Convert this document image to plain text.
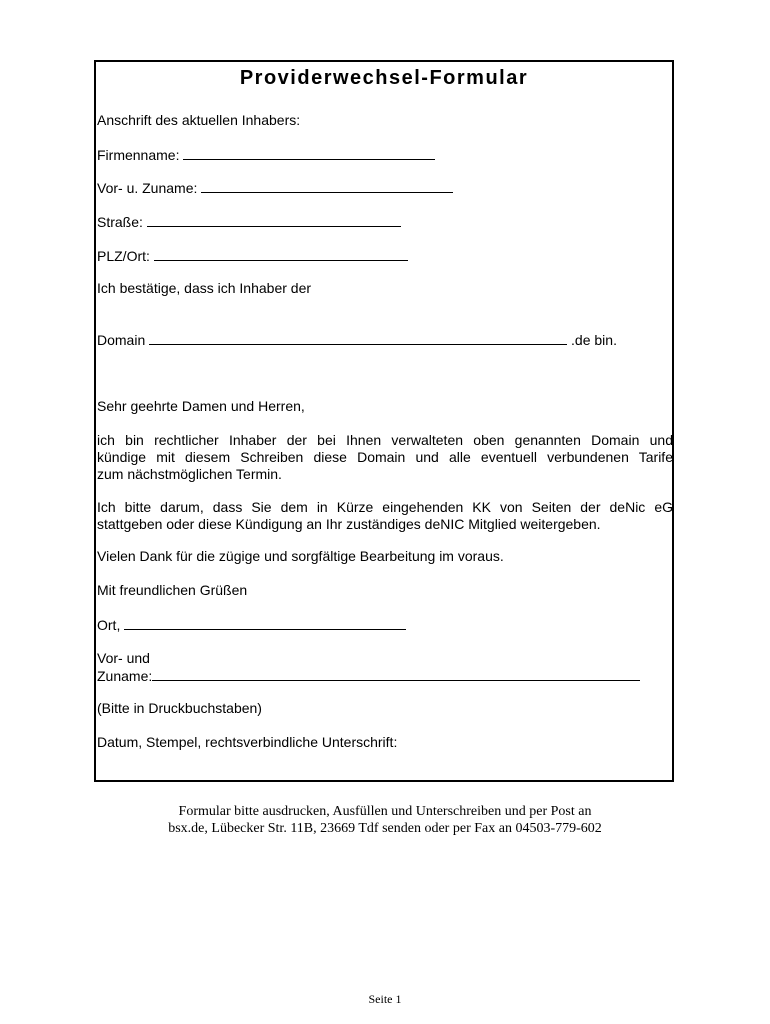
Providerwechsel-Formular
Anschrift des aktuellen Inhabers:
Firmenname:
Vor- u. Zuname:
Straße:
PLZ/Ort:
Ich bestätige, dass ich Inhaber der
Domain	.de bin.
Sehr geehrte Damen und Herren,
ich bin rechtlicher Inhaber der bei Ihnen verwalteten oben genannten Domain und
kündige mit diesem Schreiben diese Domain und alle eventuell verbundenen Tarife
zum nächstmöglichen Termin.
Ich bitte darum, dass Sie dem in Kürze eingehenden KK von Seiten der deNic eG
stattgeben oder diese Kündigung an Ihr zuständiges deNIC Mitglied weitergeben.
Vielen Dank für die zügige und sorgfältige Bearbeitung im voraus.
Mit freundlichen Grüßen
Ort,
Vor- und
Zuname:
(Bitte in Druckbuchstaben)
Datum, Stempel, rechtsverbindliche Unterschrift:
Formular bitte ausdrucken, Ausfüllen und Unterschreiben und per Post an
bsx.de, Lübecker Str. 11B, 23669 Tdf senden oder per Fax an 04503-779-602
Seite 1
